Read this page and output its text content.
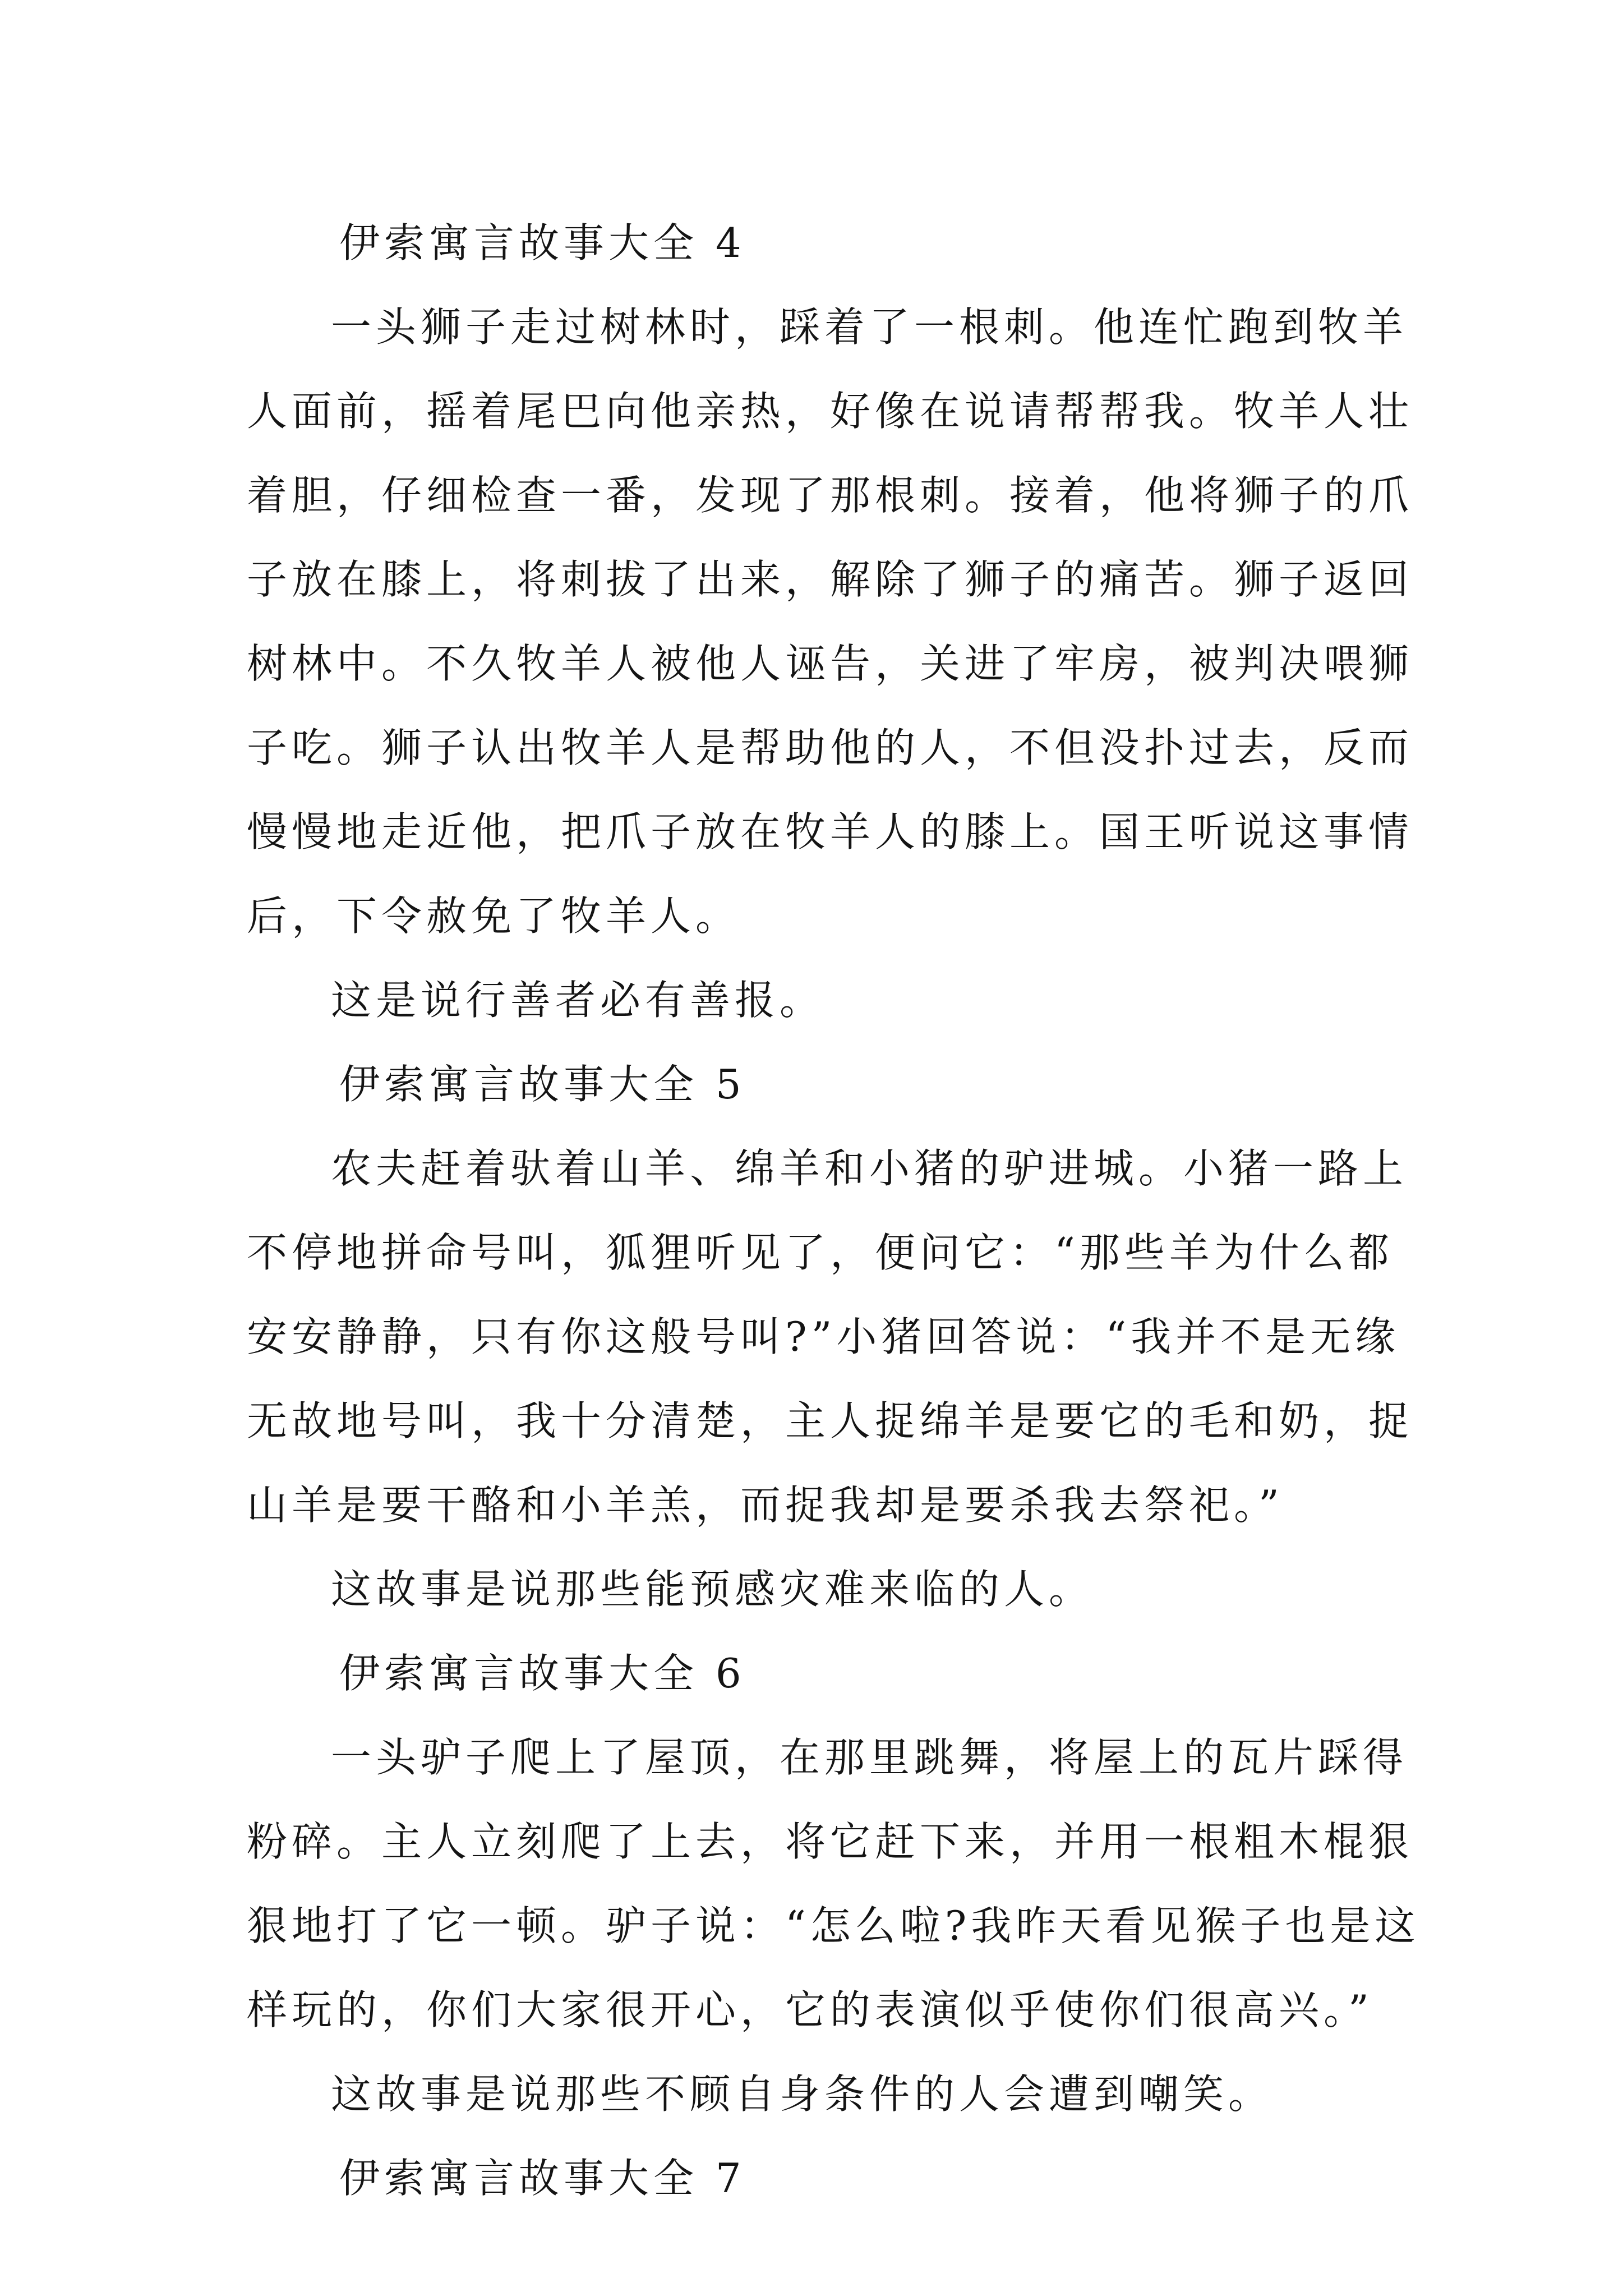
伊索寓言故事大全 4
一头狮子走过树林时，踩着了一根刺。他连忙跑到牧羊
人面前，摇着尾巴向他亲热，好像在说请帮帮我。牧羊人壮
着胆，仔细检查一番，发现了那根刺。接着，他将狮子的爪
子放在膝上，将刺拔了出来，解除了狮子的痛苦。狮子返回
树林中。不久牧羊人被他人诬告，关进了牢房，被判决喂狮
子吃。狮子认出牧羊人是帮助他的人，不但没扑过去，反而
慢慢地走近他，把爪子放在牧羊人的膝上。国王听说这事情
后，下令赦免了牧羊人。
这是说行善者必有善报。
伊索寓言故事大全 5
农夫赶着驮着山羊、绵羊和小猪的驴进城。小猪一路上
不停地拼命号叫，狐狸听见了，便问它：“那些羊为什么都
安安静静，只有你这般号叫?”小猪回答说：“我并不是无缘
无故地号叫，我十分清楚，主人捉绵羊是要它的毛和奶，捉
山羊是要干酪和小羊羔，而捉我却是要杀我去祭祀。”
这故事是说那些能预感灾难来临的人。
伊索寓言故事大全 6
一头驴子爬上了屋顶，在那里跳舞，将屋上的瓦片踩得
粉碎。主人立刻爬了上去，将它赶下来，并用一根粗木棍狠
狠地打了它一顿。驴子说：“怎么啦?我昨天看见猴子也是这
样玩的，你们大家很开心，它的表演似乎使你们很高兴。”
这故事是说那些不顾自身条件的人会遭到嘲笑。
伊索寓言故事大全 7
